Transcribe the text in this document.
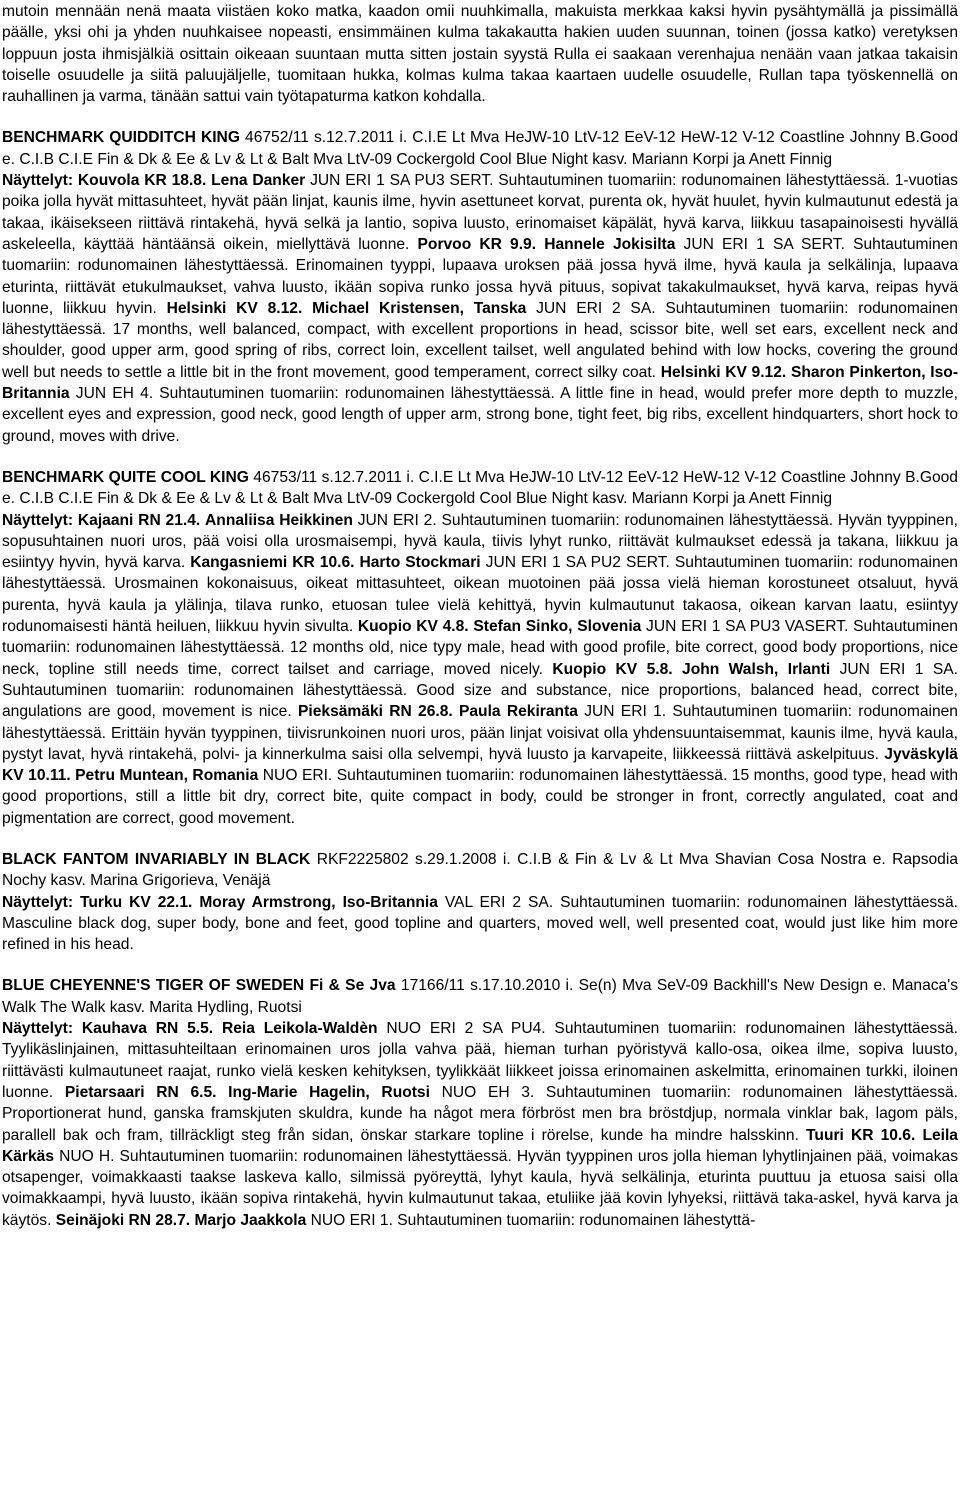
mutoin mennään nenä maata viistäen koko matka, kaadon omii nuuhkimalla, makuista merkkaa kaksi hyvin pysähtymällä ja pissimällä päälle, yksi ohi ja yhden nuuhkaisee nopeasti, ensimmäinen kulma takakautta hakien uuden suunnan, toinen (jossa katko) veretyksen loppuun josta ihmisjälkiä osittain oikeaan suuntaan mutta sitten jostain syystä Rulla ei saakaan verenhajua nenään vaan jatkaa takaisin toiselle osuudelle ja siitä paluujäljelle, tuomitaan hukka, kolmas kulma takaa kaartaen uudelle osuudelle, Rullan tapa työskennellä on rauhallinen ja varma, tänään sattui vain työtapaturma katkon kohdalla.

BENCHMARK QUIDDITCH KING 46752/11 s.12.7.2011 i. C.I.E Lt Mva HeJW-10 LtV-12 EeV-12 HeW-12 V-12 Coastline Johnny B.Good e. C.I.B C.I.E Fin & Dk & Ee & Lv & Lt & Balt Mva LtV-09 Cockergold Cool Blue Night kasv. Mariann Korpi ja Anett Finnig

Näyttelyt: Kouvola KR 18.8. Lena Danker JUN ERI 1 SA PU3 SERT. Suhtautuminen tuomariin: rodunomainen lähestyttäessä. 1-vuotias poika jolla hyvät mittasuhteet, hyvät pään linjat, kaunis ilme, hyvin asettuneet korvat, purenta ok, hyvät huulet, hyvin kulmautunut edestä ja takaa, ikäisekseen riittävä rintakehä, hyvä selkä ja lantio, sopiva luusto, erinomaiset käpälät, hyvä karva, liikkuu tasapainoisesti hyvällä askeleella, käyttää häntäänsä oikein, miellyttävä luonne. Porvoo KR 9.9. Hannele Jokisilta JUN ERI 1 SA SERT. Suhtautuminen tuomariin: rodunomainen lähestyttäessä. Erinomainen tyyppi, lupaava uroksen pää jossa hyvä ilme, hyvä kaula ja selkälinja, lupaava eturinta, riittävät etukulmaukset, vahva luusto, ikään sopiva runko jossa hyvä pituus, sopivat takakulmaukset, hyvä karva, reipas hyvä luonne, liikkuu hyvin. Helsinki KV 8.12. Michael Kristensen, Tanska JUN ERI 2 SA. Suhtautuminen tuomariin: rodunomainen lähestyttäessä. 17 months, well balanced, compact, with excellent proportions in head, scissor bite, well set ears, excellent neck and shoulder, good upper arm, good spring of ribs, correct loin, excellent tailset, well angulated behind with low hocks, covering the ground well but needs to settle a little bit in the front movement, good temperament, correct silky coat. Helsinki KV 9.12. Sharon Pinkerton, Iso-Britannia JUN EH 4. Suhtautuminen tuomariin: rodunomainen lähestyttäessä. A little fine in head, would prefer more depth to muzzle, excellent eyes and expression, good neck, good length of upper arm, strong bone, tight feet, big ribs, excellent hindquarters, short hock to ground, moves with drive.

BENCHMARK QUITE COOL KING 46753/11 s.12.7.2011 i. C.I.E Lt Mva HeJW-10 LtV-12 EeV-12 HeW-12 V-12 Coastline Johnny B.Good e. C.I.B C.I.E Fin & Dk & Ee & Lv & Lt & Balt Mva LtV-09 Cockergold Cool Blue Night kasv. Mariann Korpi ja Anett Finnig

Näyttelyt: Kajaani RN 21.4. Annaliisa Heikkinen JUN ERI 2. Suhtautuminen tuomariin: rodunomainen lähestyttäessä. Hyvän tyyppinen, sopusuhtainen nuori uros, pää voisi olla urosmaisempi, hyvä kaula, tiivis lyhyt runko, riittävät kulmaukset edessä ja takana, liikkuu ja esiintyy hyvin, hyvä karva. Kangasniemi KR 10.6. Harto Stockmari JUN ERI 1 SA PU2 SERT. Suhtautuminen tuomariin: rodunomainen lähestyttäessä. Urosmainen kokonaisuus, oikeat mittasuhteet, oikean muotoinen pää jossa vielä hieman korostuneet otsaluut, hyvä purenta, hyvä kaula ja ylälinja, tilava runko, etuosan tulee vielä kehittyä, hyvin kulmautunut takaosa, oikean karvan laatu, esiintyy rodunomaisesti häntä heiluen, liikkuu hyvin sivulta. Kuopio KV 4.8. Stefan Sinko, Slovenia JUN ERI 1 SA PU3 VASERT. Suhtautuminen tuomariin: rodunomainen lähestyttäessä. 12 months old, nice typy male, head with good profile, bite correct, good body proportions, nice neck, topline still needs time, correct tailset and carriage, moved nicely. Kuopio KV 5.8. John Walsh, Irlanti JUN ERI 1 SA. Suhtautuminen tuomariin: rodunomainen lähestyttäessä. Good size and substance, nice proportions, balanced head, correct bite, angulations are good, movement is nice. Pieksämäki RN 26.8. Paula Rekiranta JUN ERI 1. Suhtautuminen tuomariin: rodunomainen lähestyttäessä. Erittäin hyvän tyyppinen, tiivisrunkoinen nuori uros, pään linjat voisivat olla yhdensuuntaisemmat, kaunis ilme, hyvä kaula, pystyt lavat, hyvä rintakehä, polvi- ja kinnerkulma saisi olla selvempi, hyvä luusto ja karvapeite, liikkeessä riittävä askelpituus. Jyväskylä KV 10.11. Petru Muntean, Romania NUO ERI. Suhtautuminen tuomariin: rodunomainen lähestyttäessä. 15 months, good type, head with good proportions, still a little bit dry, correct bite, quite compact in body, could be stronger in front, correctly angulated, coat and pigmentation are correct, good movement.

BLACK FANTOM INVARIABLY IN BLACK RKF2225802 s.29.1.2008 i. C.I.B & Fin & Lv & Lt Mva Shavian Cosa Nostra e. Rapsodia Nochy kasv. Marina Grigorieva, Venäjä

Näyttelyt: Turku KV 22.1. Moray Armstrong, Iso-Britannia VAL ERI 2 SA. Suhtautuminen tuomariin: rodunomainen lähestyttäessä. Masculine black dog, super body, bone and feet, good topline and quarters, moved well, well presented coat, would just like him more refined in his head.

BLUE CHEYENNE'S TIGER OF SWEDEN Fi & Se Jva 17166/11 s.17.10.2010 i. Se(n) Mva SeV-09 Backhill's New Design e. Manaca's Walk The Walk kasv. Marita Hydling, Ruotsi

Näyttelyt: Kauhava RN 5.5. Reia Leikola-Waldèn NUO ERI 2 SA PU4. Suhtautuminen tuomariin: rodunomainen lähestyttäessä. Tyylikäslinjainen, mittasuhteiltaan erinomainen uros jolla vahva pää, hieman turhan pyöristyvä kallo-osa, oikea ilme, sopiva luusto, riittävästi kulmautuneet raajat, runko vielä kesken kehityksen, tyylikkäät liikkeet joissa erinomainen askelmitta, erinomainen turkki, iloinen luonne. Pietarsaari RN 6.5. Ing-Marie Hagelin, Ruotsi NUO EH 3. Suhtautuminen tuomariin: rodunomainen lähestyttäessä. Proportionerat hund, ganska framskjuten skuldra, kunde ha något mera förbröst men bra bröstdjup, normala vinklar bak, lagom päls, parallell bak och fram, tillräckligt steg från sidan, önskar starkare topline i rörelse, kunde ha mindre halsskinn. Tuuri KR 10.6. Leila Kärkäs NUO H. Suhtautuminen tuomariin: rodunomainen lähestyttäessä. Hyvän tyyppinen uros jolla hieman lyhytlinjainen pää, voimakas otsapenger, voimakkaasti taakse laskeva kallo, silmissä pyöreyttä, lyhyt kaula, hyvä selkälinja, eturinta puuttuu ja etuosa saisi olla voimakkaampi, hyvä luusto, ikään sopiva rintakehä, hyvin kulmautunut takaa, etuliike jää kovin lyhyeksi, riittävä taka-askel, hyvä karva ja käytös. Seinäjoki RN 28.7. Marjo Jaakkola NUO ERI 1. Suhtautuminen tuomariin: rodunomainen lähestyttä-
